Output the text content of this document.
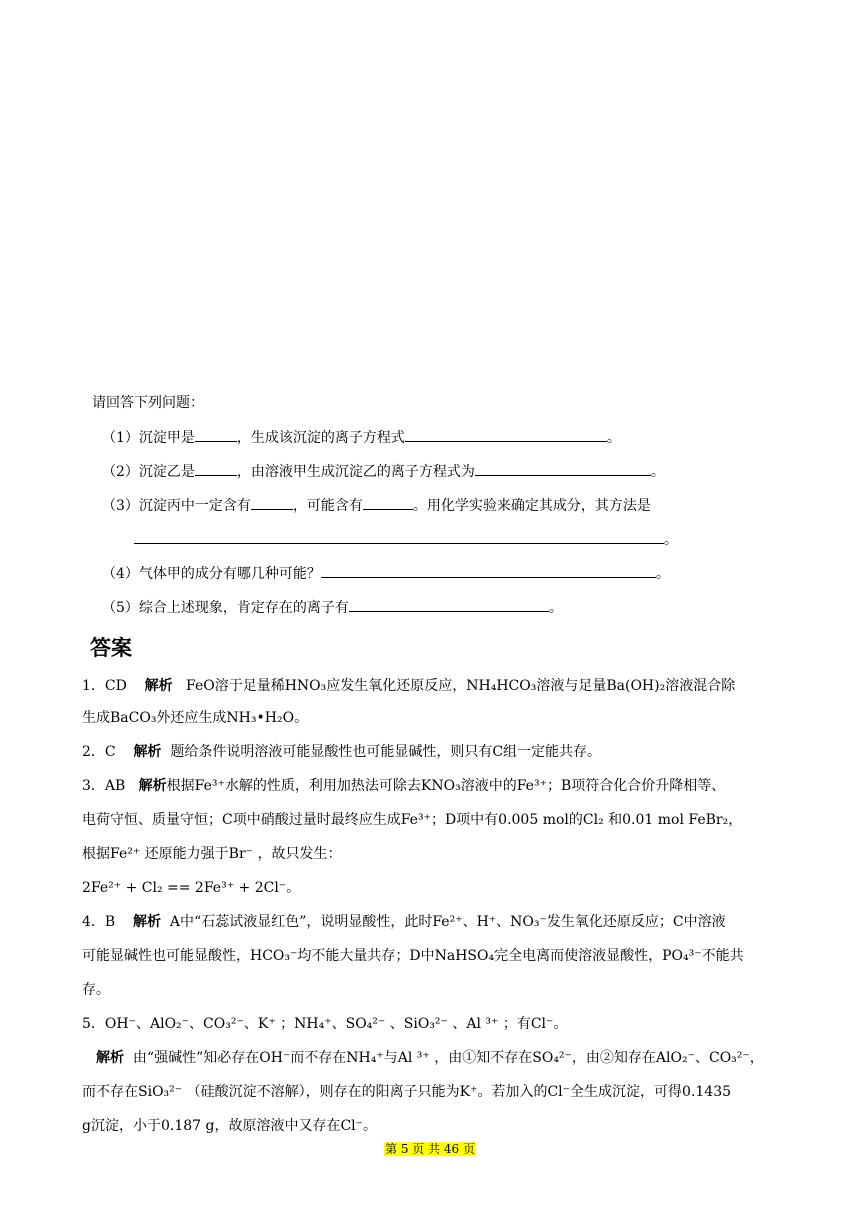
请回答下列问题：
（1）沉淀甲是	，生成该沉淀的离子方程式	。
（2）沉淀乙是	，由溶液甲生成沉淀乙的离子方程式为	。
（3）沉淀丙中一定含有	，可能含有	。用化学实验来确定其成分，其方法是
。
（4）气体甲的成分有哪几种可能？	。
（5）综合上述现象，肯定存在的离子有	。
答案
1．CD 解析 FeO溶于足量稀HNO₃应发生氧化还原反应，NH₄HCO₃溶液与足量Ba(OH)₂溶液混合除
生成BaCO₃外还应生成NH₃•H₂O。
2．C 解析 题给条件说明溶液可能显酸性也可能显碱性，则只有C组一定能共存。
3．AB 解析根据Fe³⁺水解的性质，利用加热法可除去KNO₃溶液中的Fe³⁺；B项符合化合价升降相等、
电荷守恒、质量守恒；C项中硝酸过量时最终应生成Fe³⁺；D项中有0.005 mol的Cl₂ 和0.01 mol FeBr₂，
根据Fe²⁺ 还原能力强于Br⁻ ，故只发生：
2Fe²⁺ + Cl₂ == 2Fe³⁺ + 2Cl⁻。
4．B 解析 A中“石蕊试液显红色”，说明显酸性，此时Fe²⁺、H⁺、NO₃⁻发生氧化还原反应；C中溶液
可能显碱性也可能显酸性，HCO₃⁻均不能大量共存；D中NaHSO₄完全电离而使溶液显酸性，PO₄³⁻不能共
存。
5．OH⁻、AlO₂⁻、CO₃²⁻、K⁺ ；NH₄⁺、SO₄²⁻ 、SiO₃²⁻ 、Al ³⁺ ；有Cl⁻。
解析 由“强碱性”知必存在OH⁻而不存在NH₄⁺与Al ³⁺ ，由①知不存在SO₄²⁻，由②知存在AlO₂⁻、CO₃²⁻，
而不存在SiO₃²⁻ （硅酸沉淀不溶解），则存在的阳离子只能为K⁺。若加入的Cl⁻全生成沉淀，可得0.1435
g沉淀，小于0.187 g，故原溶液中又存在Cl⁻。
第 5 页 共 46 页
